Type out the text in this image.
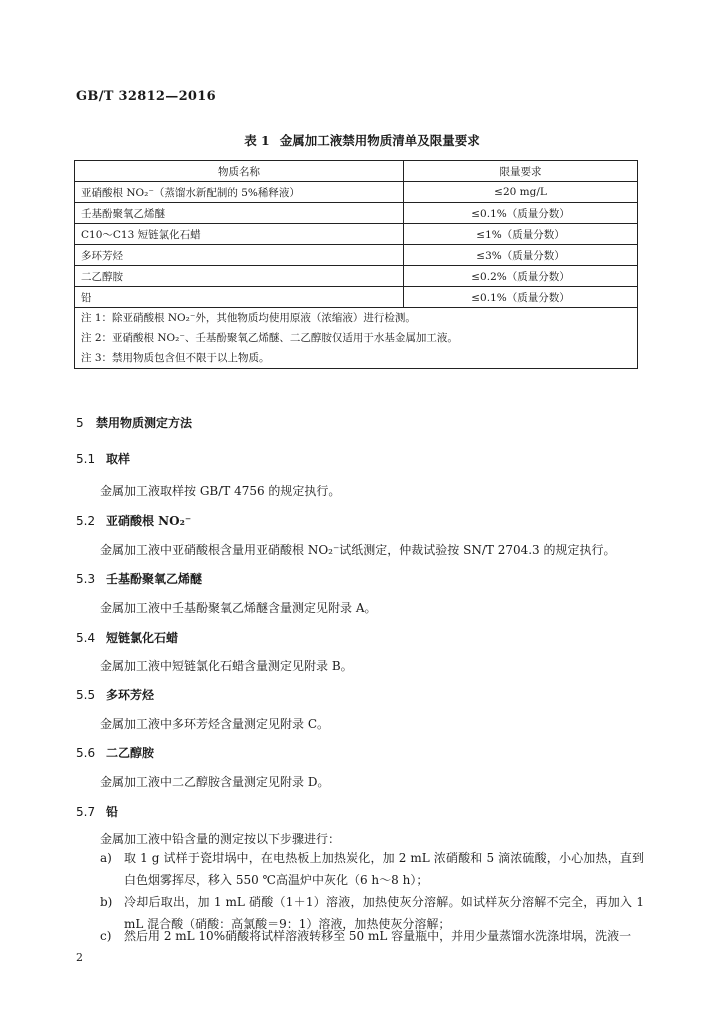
GB/T 32812—2016
表 1 金属加工液禁用物质清单及限量要求
物质名称	限量要求
亚硝酸根 NO₂⁻（蒸馏水新配制的 5%稀释液）	≤20 mg/L
壬基酚聚氧乙烯醚	≤0.1%（质量分数）
C10～C13 短链氯化石蜡	≤1%（质量分数）
多环芳烃	≤3%（质量分数）
二乙醇胺	≤0.2%（质量分数）
铅	≤0.1%（质量分数）

注 1：除亚硝酸根 NO₂⁻外，其他物质均使用原液（浓缩液）进行检测。
注 2：亚硝酸根 NO₂⁻、壬基酚聚氧乙烯醚、二乙醇胺仅适用于水基金属加工液。
注 3：禁用物质包含但不限于以上物质。	
5 禁用物质测定方法
5.1 取样
金属加工液取样按 GB/T 4756 的规定执行。
5.2 亚硝酸根 NO₂⁻
金属加工液中亚硝酸根含量用亚硝酸根 NO₂⁻试纸测定，仲裁试验按 SN/T 2704.3 的规定执行。
5.3 壬基酚聚氧乙烯醚
金属加工液中壬基酚聚氧乙烯醚含量测定见附录 A。
5.4 短链氯化石蜡
金属加工液中短链氯化石蜡含量测定见附录 B。
5.5 多环芳烃
金属加工液中多环芳烃含量测定见附录 C。
5.6 二乙醇胺
金属加工液中二乙醇胺含量测定见附录 D。
5.7 铅
金属加工液中铅含量的测定按以下步骤进行：
a)	取 1 g 试样于瓷坩埚中，在电热板上加热炭化，加 2 mL 浓硝酸和 5 滴浓硫酸，小心加热，直到白色烟雾挥尽，移入 550 ℃高温炉中灰化（6 h～8 h）；
b) 冷却后取出，加 1 mL 硝酸（1＋1）溶液，加热使灰分溶解。如试样灰分溶解不完全，再加入 1 mL 混合酸（硝酸：高氯酸＝9：1）溶液，加热使灰分溶解；
c)	然后用 2 mL 10%硝酸将试样溶液转移至 50 mL 容量瓶中，并用少量蒸馏水洗涤坩埚，洗液一
2
